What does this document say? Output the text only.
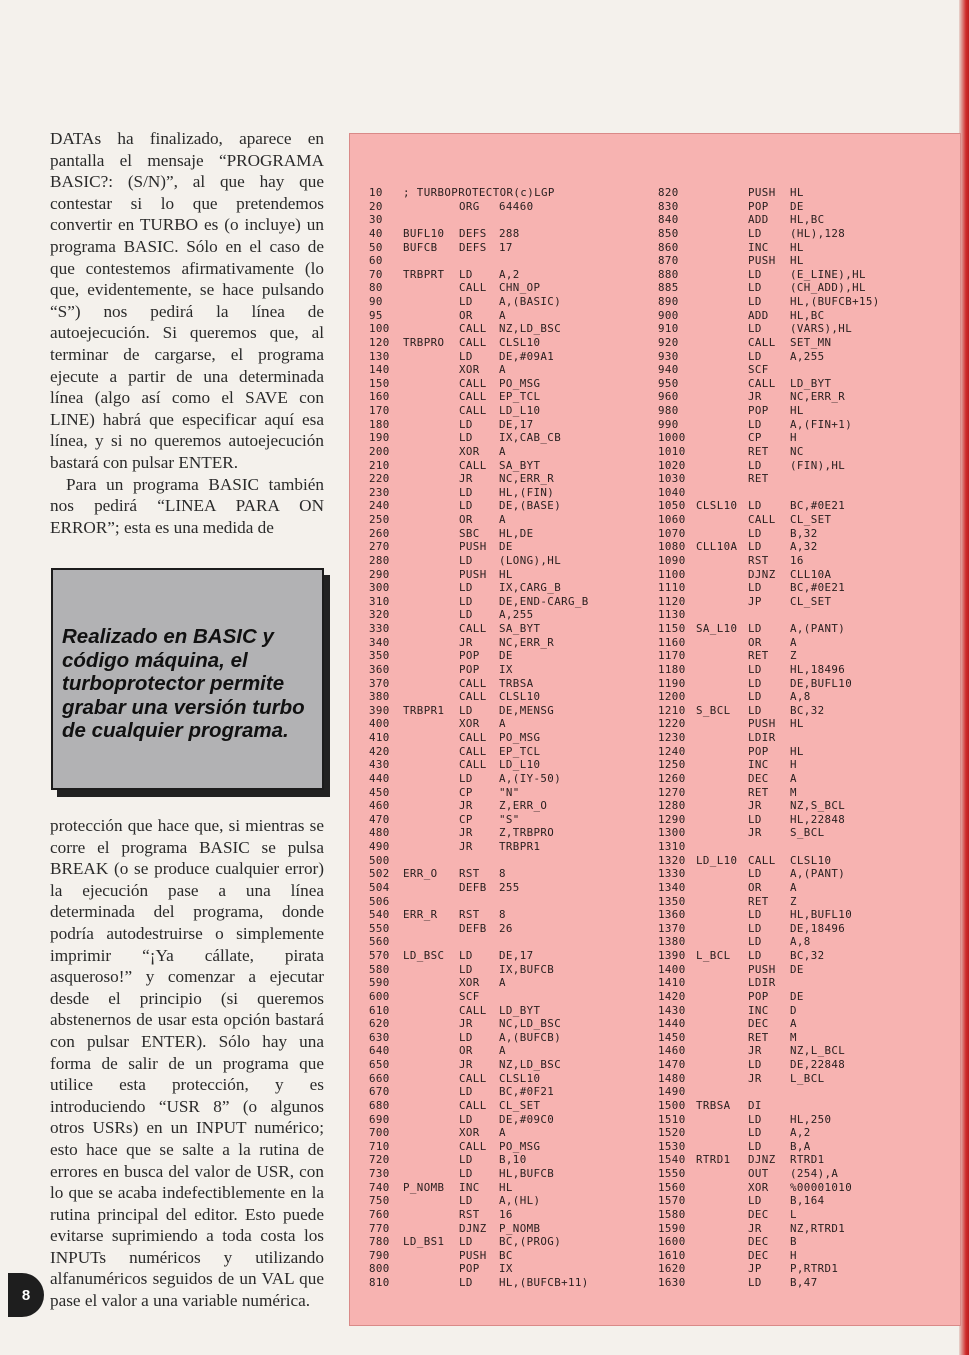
DATAs ha finalizado, aparece en pantalla el mensaje “PROGRAMA BASIC?: (S/N)”, al que hay que contestar si lo que pretendemos convertir en TURBO es (o incluye) un programa BASIC. Sólo en el caso de que contestemos afirmativamente (lo que, evidentemente, se hace pulsando “S”) nos pedirá la línea de autoejecución. Si queremos que, al terminar de cargarse, el programa ejecute a partir de una determinada línea (algo así como el SAVE con LINE) habrá que especificar aquí esa línea, y si no queremos autoejecución bastará con pulsar ENTER.

Para un programa BASIC también nos pedirá “LINEA PARA ON ERROR”; esta es una medida de

Realizado en BASIC y código máquina, el turboprotector permite grabar una versión turbo de cualquier programa.
protección que hace que, si mientras se corre el programa BASIC se pulsa BREAK (o se produce cualquier error) la ejecución pase a una línea determinada del programa, donde podría autodestruirse o simplemente imprimir “¡Ya cállate, pirata asqueroso!” y comenzar a ejecutar desde el principio (si queremos abstenernos de usar esta opción bastará con pulsar ENTER). Sólo hay una forma de salir de un programa que utilice esta protección, y es introduciendo “USR 8” (o algunos otros USRs) en un INPUT numérico; esto hace que se salte a la rutina de errores en busca del valor de USR, con lo que se acaba indefectiblemente en la rutina principal del editor. Esto puede evitarse suprimiendo a toda costa los INPUTs numéricos y utilizando alfanuméricos seguidos de un VAL que pase el valor a una variable numérica.
8
10 ; TURBOPROTECTOR(c)LGP
20	ORG 64460
30
40 BUFL10 DEFS 288
50 BUFCB DEFS 17
60
70 TRBPRT LD A,2
80	CALL CHN_OP
90	LD A,(BASIC)
95	OR A
100	CALL NZ,LD_BSC
120 TRBPRO CALL CLSL10
130	LD DE,#09A1
140	XOR A
150	CALL PO_MSG
160	CALL EP_TCL
170	CALL LD_L10
180	LD DE,17
190	LD IX,CAB_CB
200	XOR A
210	CALL SA_BYT
220	JR NC,ERR_R
230	LD HL,(FIN)
240	LD DE,(BASE)
250	OR A
260	SBC HL,DE
270	PUSH DE
280	LD (LONG),HL
290	PUSH HL
300	LD IX,CARG_B
310	LD DE,END-CARG_B
320	LD A,255
330	CALL SA_BYT
340	JR NC,ERR_R
350	POP DE
360	POP IX
370	CALL TRBSA
380	CALL CLSL10
390 TRBPR1 LD DE,MENSG
400	XOR A
410	CALL PO_MSG
420	CALL EP_TCL
430	CALL LD_L10
440	LD A,(IY-50)
450	CP "N"
460	JR Z,ERR_O
470	CP "S"
480	JR Z,TRBPRO
490	JR TRBPR1
500
502 ERR_O RST 8
504	DEFB 255
506
540 ERR_R RST 8
550	DEFB 26
560
570 LD_BSC LD DE,17
580	LD IX,BUFCB
590	XOR A
600	SCF
610	CALL LD_BYT
620	JR NC,LD_BSC
630	LD A,(BUFCB)
640	OR A
650	JR NZ,LD_BSC
660	CALL CLSL10
670	LD BC,#0F21
680	CALL CL_SET
690	LD DE,#09C0
700	XOR A
710	CALL PO_MSG
720	LD B,10
730	LD HL,BUFCB
740 P_NOMB INC HL
750	LD A,(HL)
760	RST 16
770	DJNZ P_NOMB
780 LD_BS1 LD BC,(PROG)
790	PUSH BC
800	POP IX
810	LD HL,(BUFCB+11)
820	PUSH HL
830	POP DE
840	ADD HL,BC
850	LD	(HL),128
860	INC HL
870	PUSH HL
880	LD	(E_LINE),HL
885	LD	(CH_ADD),HL
890	LD	HL,(BUFCB+15)
900	ADD HL,BC
910	LD	(VARS),HL
920	CALL SET_MN
930	LD	A,255
940	SCF
950	CALL LD_BYT
960	JR	NC,ERR_R
980	POP HL
990	LD	A,(FIN+1)
1000	CP	H
1010	RET NC
1020	LD	(FIN),HL
1030	RET
1040
1050 CLSL10 LD	BC,#0E21
1060	CALL CL_SET
1070	LD	B,32
1080 CLL10A LD	A,32
1090	RST 16
1100	DJNZ CLL10A
1110	LD	BC,#0E21
1120	JP	CL_SET
1130
1150 SA_L10 LD	A,(PANT)
1160	OR	A
1170	RET Z
1180	LD	HL,18496
1190	LD	DE,BUFL10
1200	LD	A,8
1210 S_BCL LD	BC,32
1220	PUSH HL
1230	LDIR
1240	POP HL
1250	INC H
1260	DEC A
1270	RET M
1280	JR	NZ,S_BCL
1290	LD	HL,22848
1300	JR	S_BCL
1310
1320 LD_L10 CALL CLSL10
1330	LD	A,(PANT)
1340	OR	A
1350	RET Z
1360	LD	HL,BUFL10
1370	LD	DE,18496
1380	LD	A,8
1390 L_BCL LD	BC,32
1400	PUSH DE
1410	LDIR
1420	POP DE
1430	INC D
1440	DEC A
1450	RET M
1460	JR	NZ,L_BCL
1470	LD	DE,22848
1480	JR	L_BCL
1490
1500 TRBSA DI
1510	LD	HL,250
1520	LD	A,2
1530	LD	B,A
1540 RTRD1 DJNZ RTRD1
1550	OUT (254),A
1560	XOR %00001010
1570	LD	B,164
1580	DEC L
1590	JR	NZ,RTRD1
1600	DEC B
1610	DEC H
1620	JP	P,RTRD1
1630	LD	B,47
